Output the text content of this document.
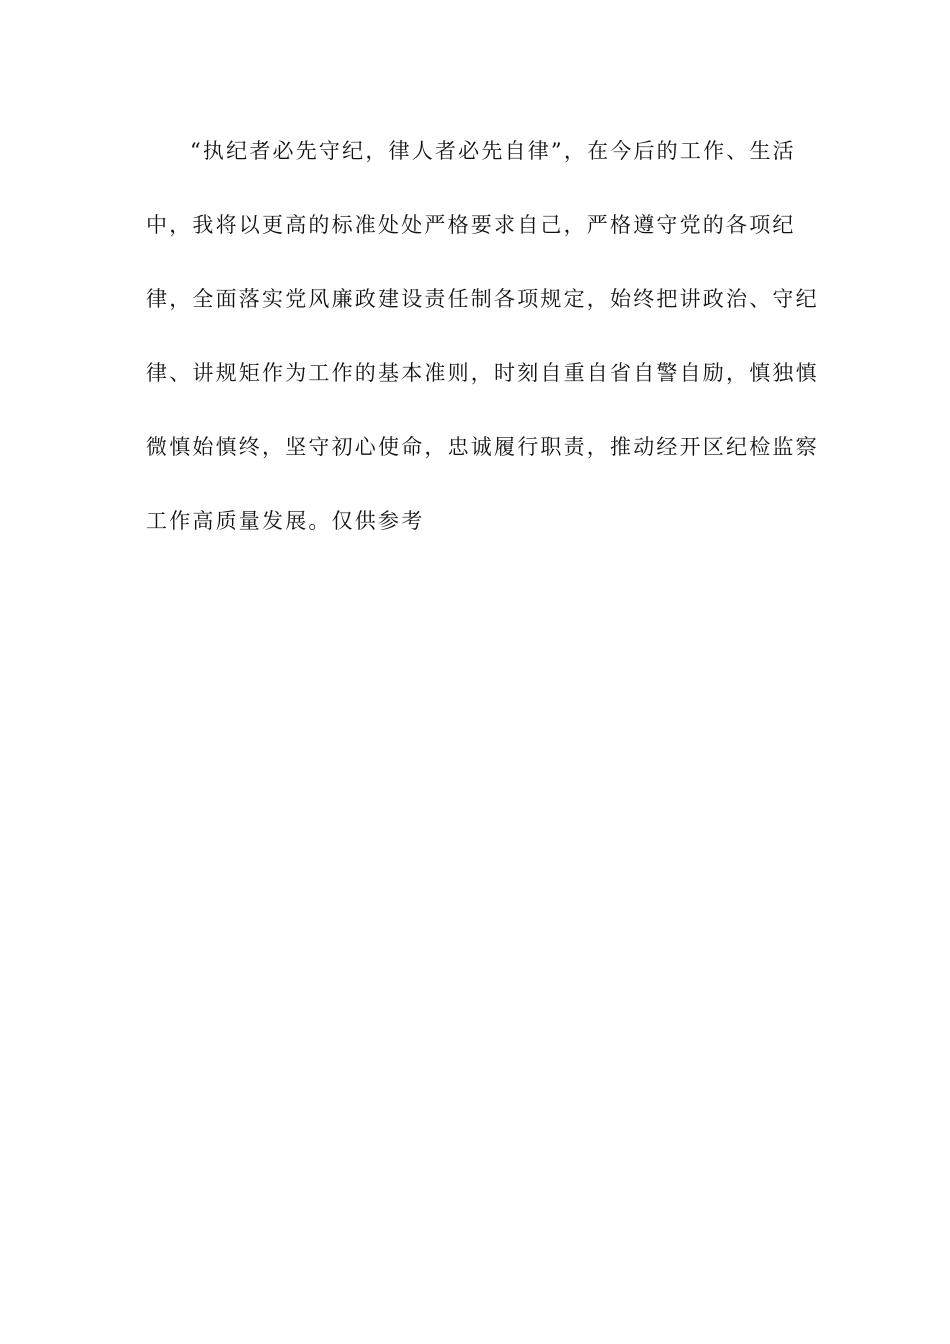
“执纪者必先守纪，律人者必先自律”，在今后的工作、生活
中，我将以更高的标准处处严格要求自己，严格遵守党的各项纪
律，全面落实党风廉政建设责任制各项规定，始终把讲政治、守纪
律、讲规矩作为工作的基本准则，时刻自重自省自警自励，慎独慎
微慎始慎终，坚守初心使命，忠诚履行职责，推动经开区纪检监察
工作高质量发展。仅供参考
